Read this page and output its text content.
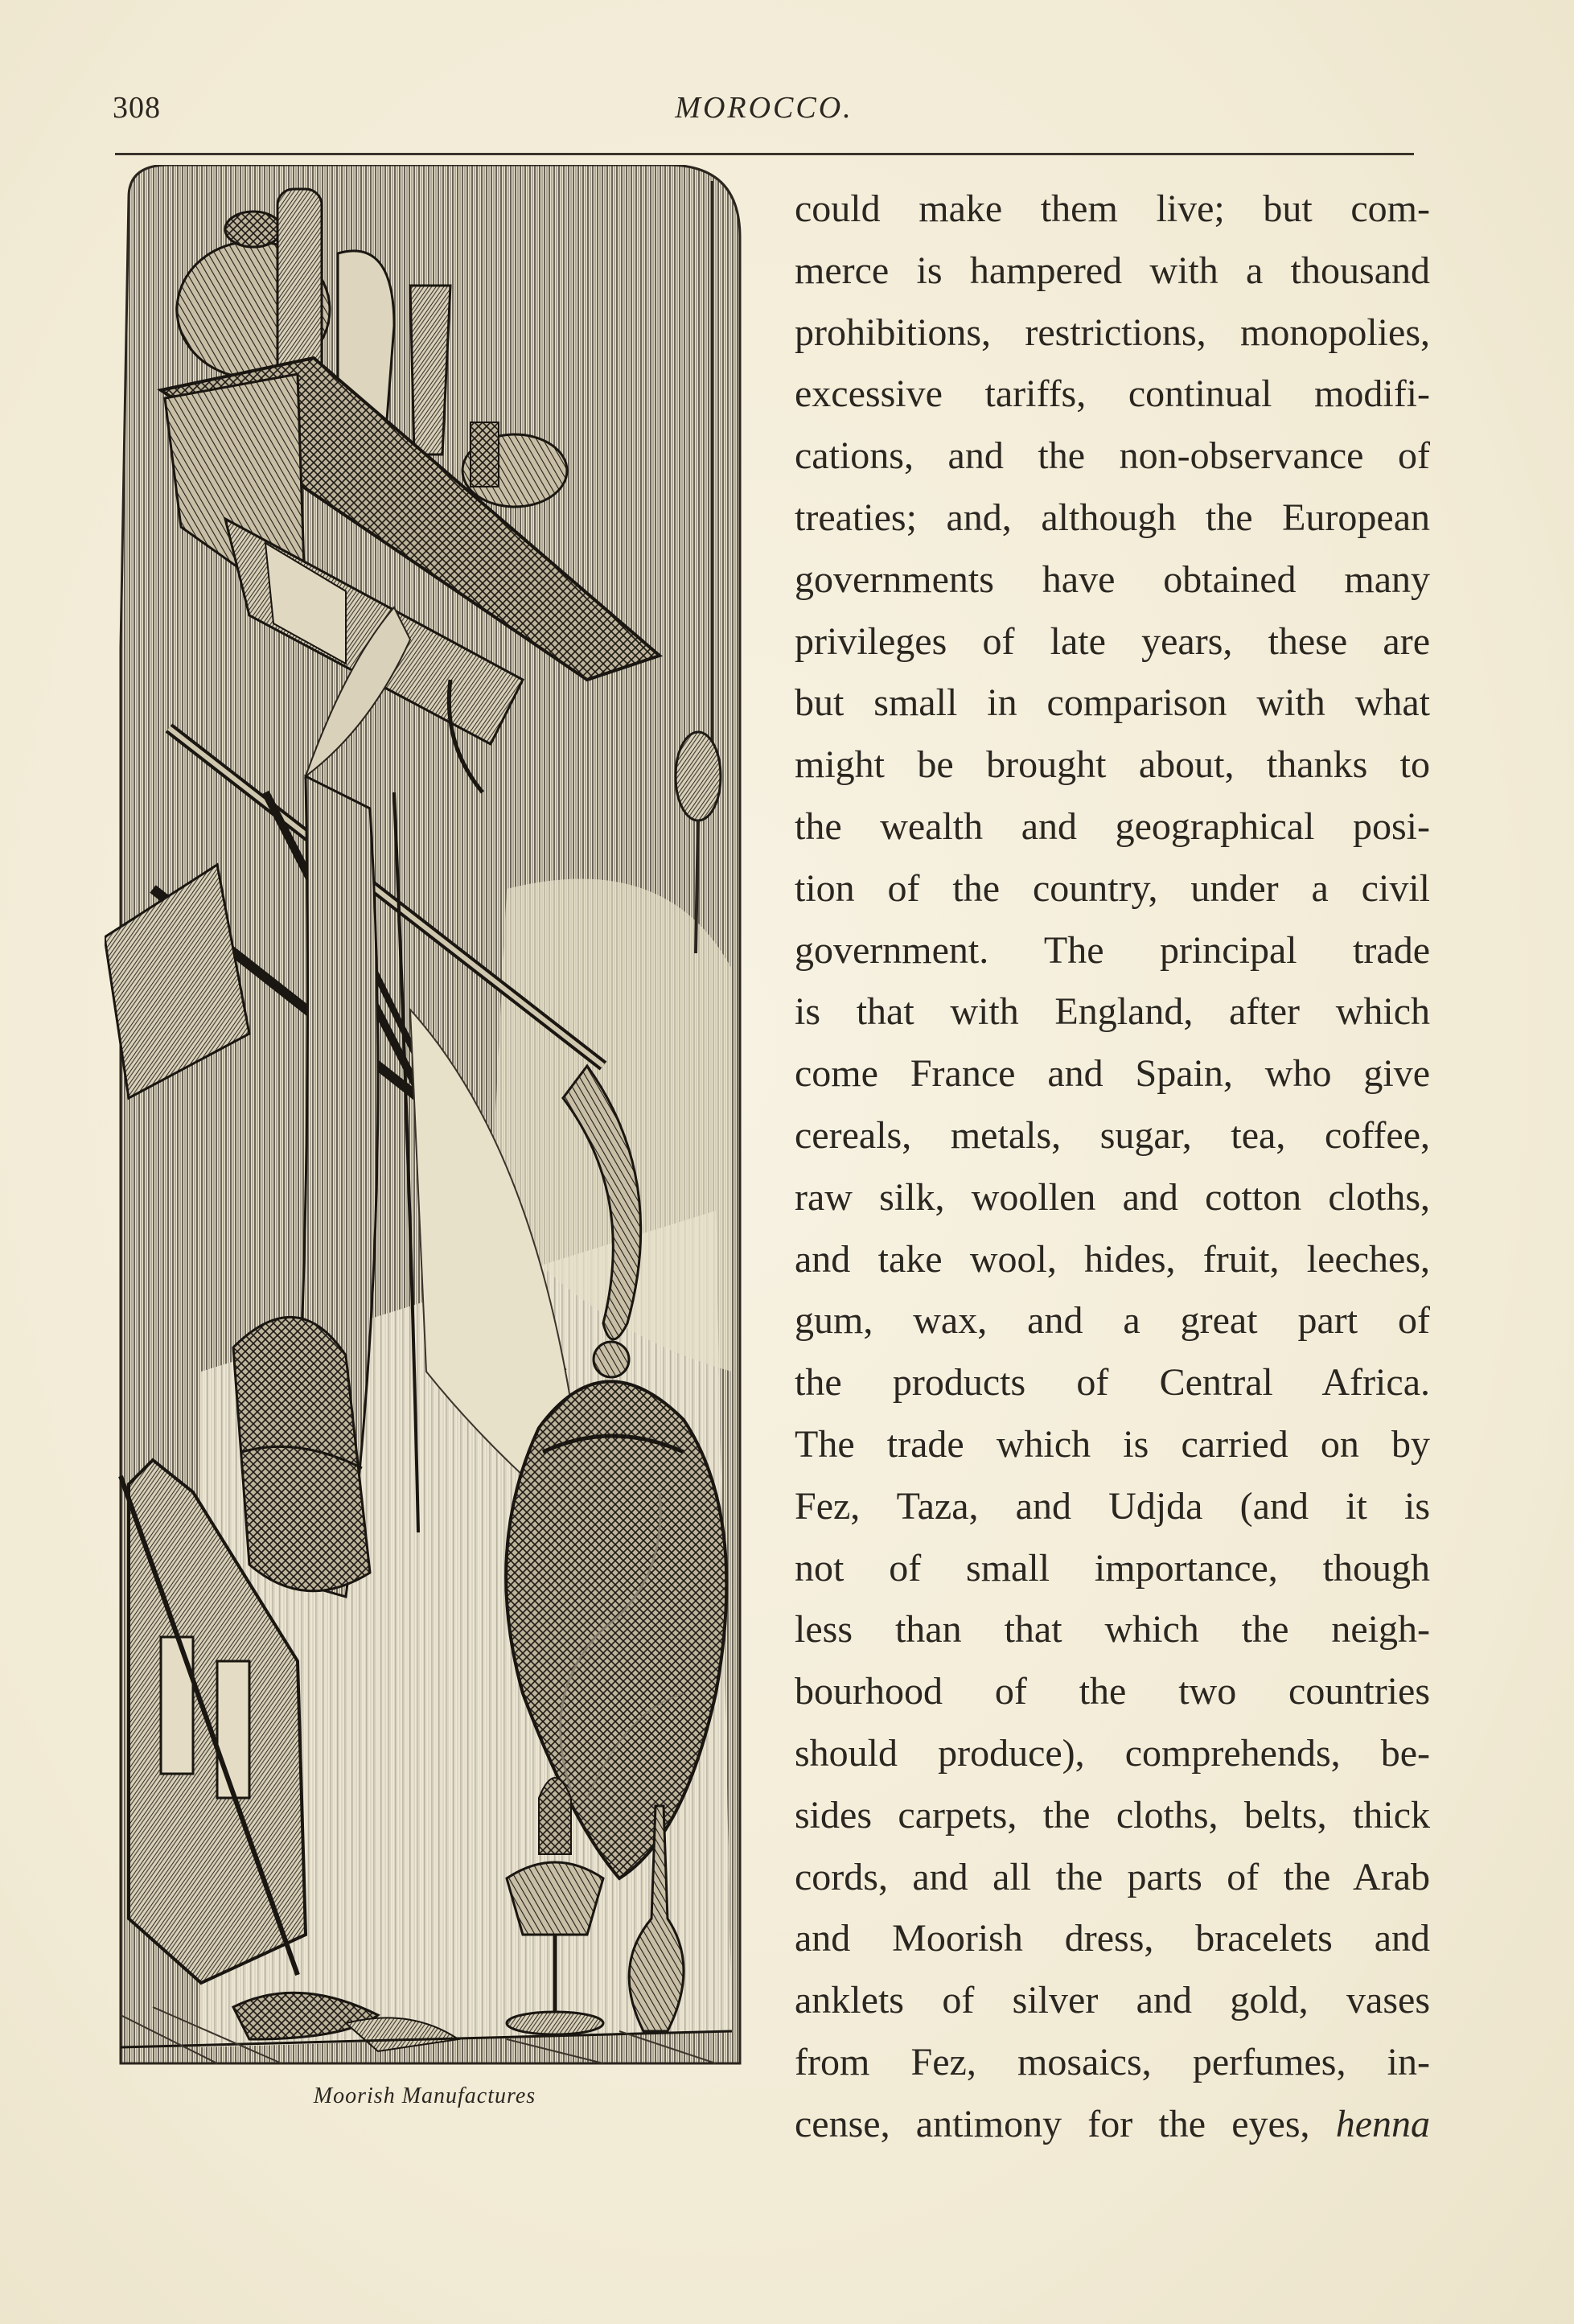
308	MOROCCO.
Moorish Manufactures
could make them live; but com-
merce is hampered with a thousand
prohibitions, restrictions, monopolies,
excessive tariffs, continual modifi-
cations, and the non-observance of
treaties; and, although the European
governments have obtained many
privileges of late years, these are
but small in comparison with what
might be brought about, thanks to
the wealth and geographical posi-
tion of the country, under a civil
government. The principal trade
is that with England, after which
come France and Spain, who give
cereals, metals, sugar, tea, coffee,
raw silk, woollen and cotton cloths,
and take wool, hides, fruit, leeches,
gum, wax, and a great part of
the products of Central Africa.
The trade which is carried on by
Fez, Taza, and Udjda (and it is
not of small importance, though
less than that which the neigh-
bourhood of the two countries
should produce), comprehends, be-
sides carpets, the cloths, belts, thick
cords, and all the parts of the Arab
and Moorish dress, bracelets and
anklets of silver and gold, vases
from Fez, mosaics, perfumes, in-
cense, antimony for the eyes, henna
